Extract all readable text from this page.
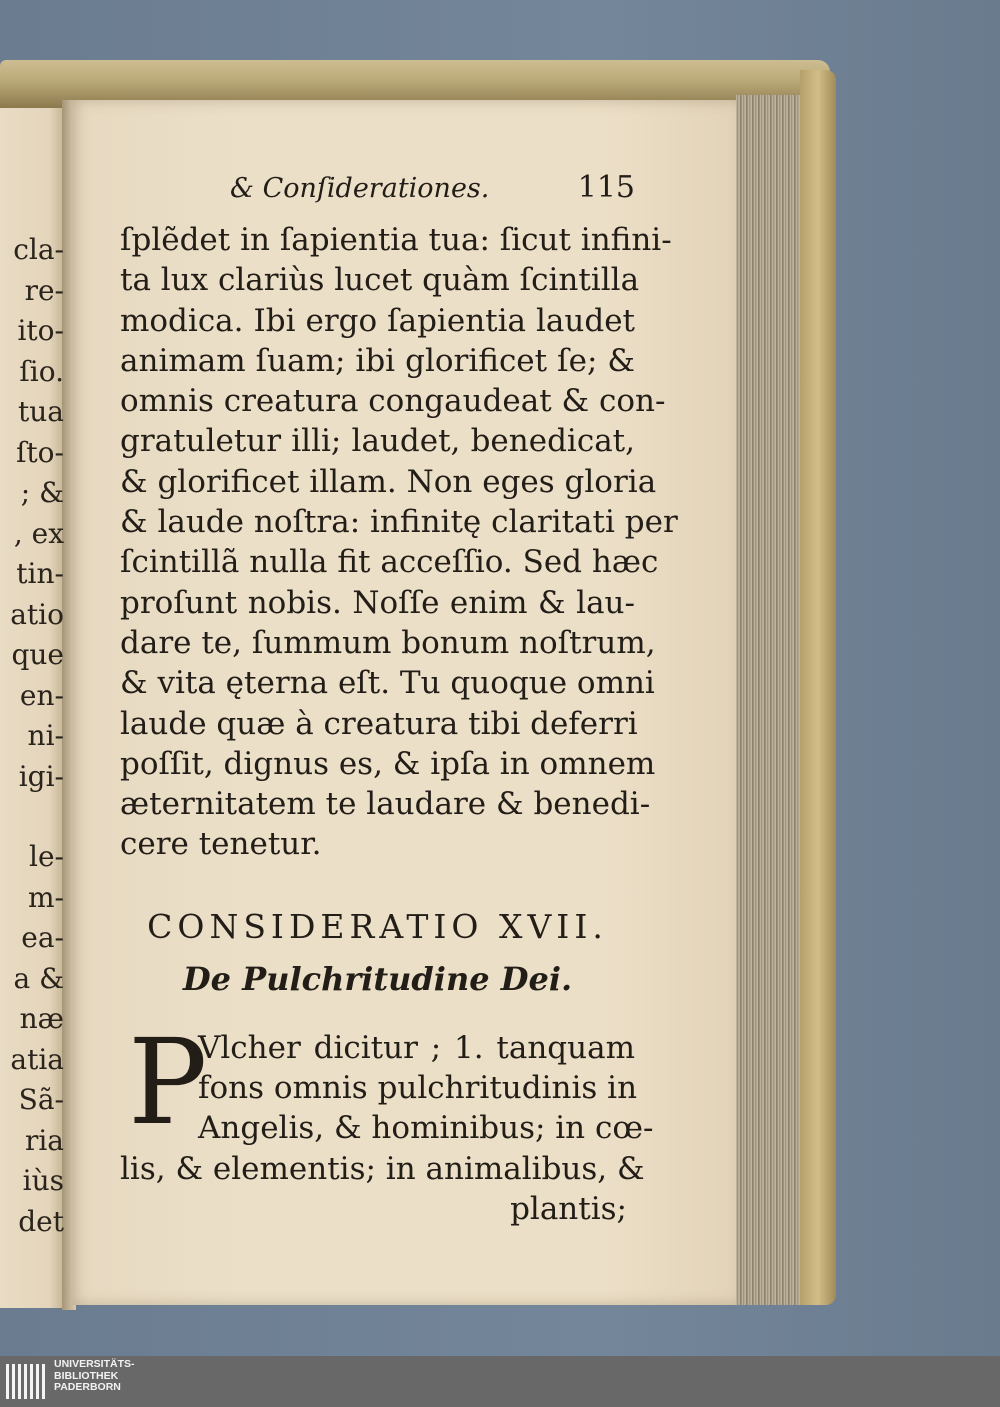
cla-
re-
ito-
ſio.
tua
ſto-
; &
, ex
tin-
atio
que
en-
ni-
igi-
le-
m-
ea-
a &
næ
atia
Sã-
ria
iùs
det
& Conſiderationes.	115
ſplẽdet in ſapientia tua: ſicut infini-
ta lux clariùs lucet quàm ſcintilla
modica. Ibi ergo ſapientia laudet
animam ſuam; ibi glorificet ſe; &
omnis creatura congaudeat & con-
gratuletur illi; laudet, benedicat,
& glorificet illam. Non eges gloria
& laude noſtra: infinitę claritati per
ſcintillã nulla fit acceſſio. Sed hæc
proſunt nobis. Noſſe enim & lau-
dare te, ſummum bonum noſtrum,
& vita ęterna eſt. Tu quoque omni
laude quæ à creatura tibi deferri
poſſit, dignus es, & ipſa in omnem
æternitatem te laudare & benedi-
cere tenetur.
CONSIDERATIO XVII.
De Pulchritudine Dei.
P
Vlcher dicitur ; 1. tanquam
fons omnis pulchritudinis in
Angelis, & hominibus; in cœ-
lis, & elementis; in animalibus, &
plantis;
UNIVERSITÄTS-
BIBLIOTHEK
PADERBORN
